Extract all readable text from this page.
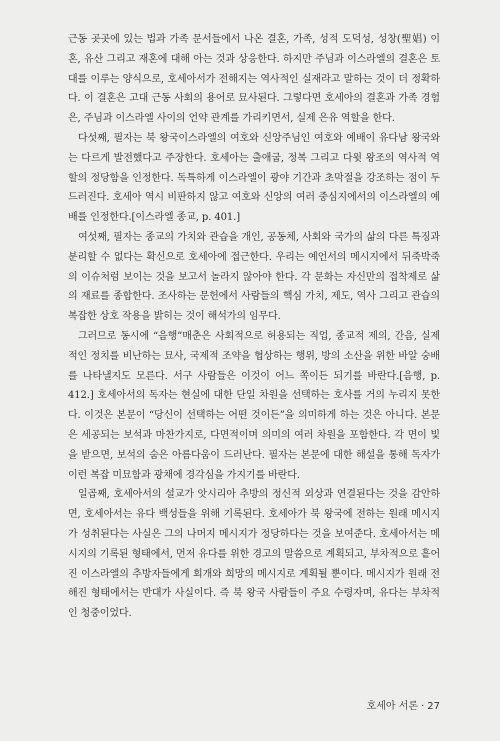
근동 곳곳에 있는 법과 가족 문서들에서 나온 결혼, 가족, 성적 도덕성, 성창(聖娼) 이혼, 유산 그리고 재혼에 대해 아는 것과 상응한다. 하지만 주님과 이스라엘의 결혼은 토대를 이루는 양식으로, 호세아서가 전해지는 역사적인 실재라고 말하는 것이 더 정확하다. 이 결혼은 고대 근동 사회의 용어로 묘사된다. 그렇다면 호세아의 결혼과 가족 경험은, 주님과 이스라엘 사이의 언약 관계를 가리키면서, 실제 은유 역할을 한다.

다섯째, 필자는 북 왕국이스라엘의 여호와 신앙주님인 여호와 예배이 유다남 왕국와는 다르게 발전했다고 주장한다. 호세아는 출애굽, 정복 그리고 다윗 왕조의 역사적 역할의 정당함을 인정한다. 독특하게 이스라엘이 광야 기간과 초막절을 강조하는 점이 두드러진다. 호세아 역시 비판하지 않고 여호와 신앙의 여러 중심지에서의 이스라엘의 예배를 인정한다.[이스라엘 종교, p. 401.]

여섯째, 필자는 종교의 가치와 관습을 개인, 공동체, 사회와 국가의 삶의 다른 특징과 분리할 수 없다는 확신으로 호세아에 접근한다. 우리는 예언서의 메시지에서 뒤죽박죽의 이슈처럼 보이는 것을 보고서 놀라지 않아야 한다. 각 문화는 자신만의 접착제로 삶의 재료를 종합한다. 조사하는 문헌에서 사람들의 핵심 가치, 제도, 역사 그리고 관습의 복잡한 상호 작용을 밝히는 것이 해석가의 임무다.

그러므로 동시에 “음행”매춘은 사회적으로 허용되는 직업, 종교적 제의, 간음, 실제적인 정치를 비난하는 묘사, 국제적 조약을 협상하는 행위, 방의 소산을 위한 바알 숭배를 나타낼지도 모른다. 서구 사람들은 이것이 어느 쪽이든 되기를 바란다.[음행, p. 412.] 호세아서의 독자는 현실에 대한 단일 차원을 선택하는 호사를 거의 누리지 못한다. 이것은 본문이 “당신이 선택하는 어떤 것이든”을 의미하게 하는 것은 아니다. 본문은 세공되는 보석과 마찬가지로, 다면적이며 의미의 여러 차원을 포함한다. 각 면이 빛을 받으면, 보석의 숨은 아름다움이 드러난다. 필자는 본문에 대한 해설을 통해 독자가 이런 복잡 미묘함과 광채에 경각심을 가지기를 바란다.

일곱째, 호세아서의 설교가 앗시리아 추방의 정신적 외상과 연결된다는 것을 감안하면, 호세아서는 유다 백성들을 위해 기록된다. 호세아가 북 왕국에 전하는 원래 메시지가 성취된다는 사실은 그의 나머지 메시지가 정당하다는 것을 보여준다. 호세아서는 메시지의 기록된 형태에서, 먼저 유다를 위한 경고의 말씀으로 계획되고, 부차적으로 흩어진 이스라엘의 추방자들에게 회개와 희망의 메시지로 계획될 뿐이다. 메시지가 원래 전해진 형태에서는 반대가 사실이다. 즉 북 왕국 사람들이 주요 수령자며, 유다는 부차적인 청중이었다.

호세아 서론 · 27
